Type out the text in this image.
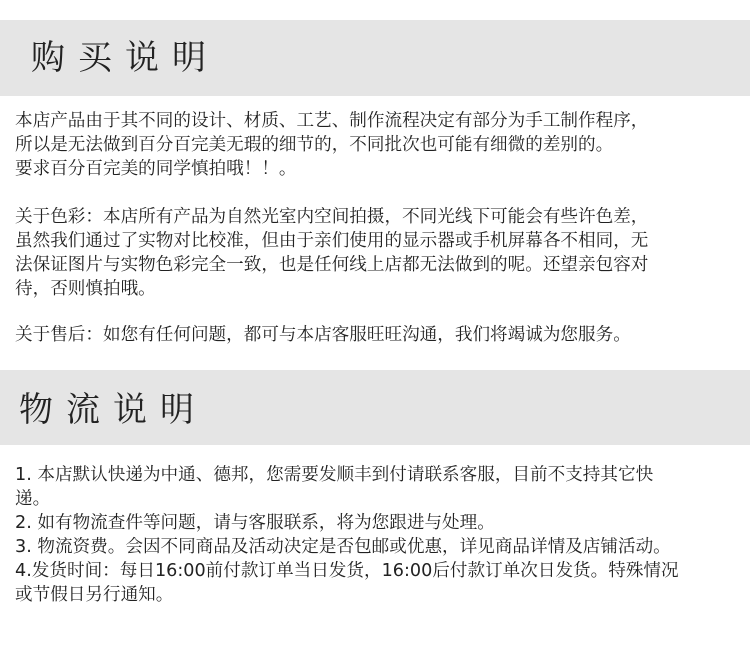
购买说明

本店产品由于其不同的设计、材质、工艺、制作流程决定有部分为手工制作程序，
所以是无法做到百分百完美无瑕的细节的，不同批次也可能有细微的差别的。
要求百分百完美的同学慎拍哦！！。

关于色彩：本店所有产品为自然光室内空间拍摄，不同光线下可能会有些许色差，
虽然我们通过了实物对比校准，但由于亲们使用的显示器或手机屏幕各不相同，无
法保证图片与实物色彩完全一致，也是任何线上店都无法做到的呢。还望亲包容对
待，否则慎拍哦。

关于售后：如您有任何问题，都可与本店客服旺旺沟通，我们将竭诚为您服务。

物流说明

1. 本店默认快递为中通、德邦，您需要发顺丰到付请联系客服，目前不支持其它快
递。
2. 如有物流查件等问题，请与客服联系，将为您跟进与处理。
3. 物流资费。会因不同商品及活动决定是否包邮或优惠，详见商品详情及店铺活动。
4.发货时间：每日16:00前付款订单当日发货，16:00后付款订单次日发货。特殊情况
或节假日另行通知。
